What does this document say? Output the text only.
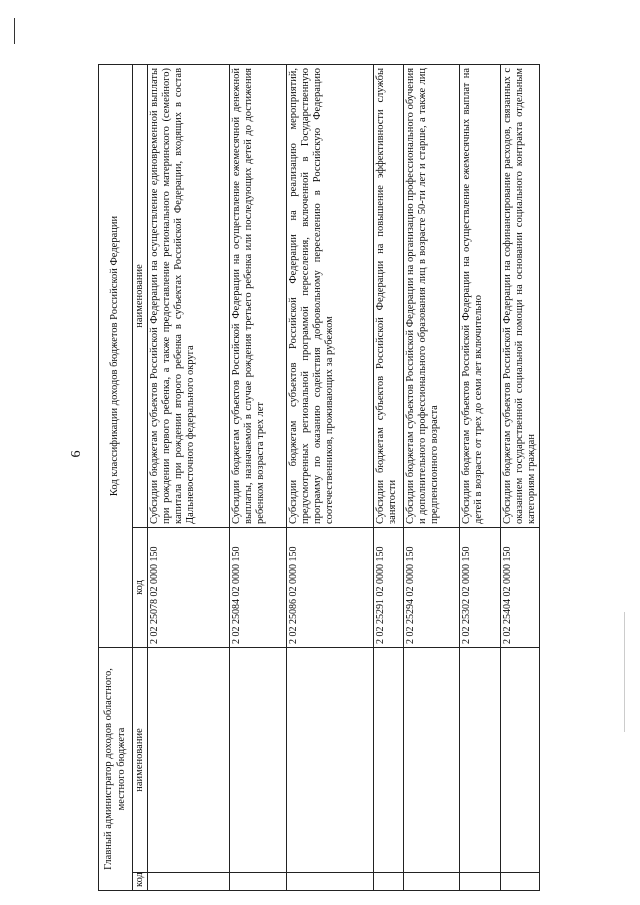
6
Главный администратор доходов областного, местного бюджета		Код классификации доходов бюджетов Российской Федерации	
код	наименование	код	наименование
		2 02 25078 02 0000 150	Субсидии бюджетам субъектов Российской Федерации на осуществление единовременной выплаты при рождении первого ребенка, а также предоставление регионального материнского (семейного) капитала при рождении второго ребенка в субъектах Российской Федерации, входящих в состав Дальневосточного федерального округа
		2 02 25084 02 0000 150	Субсидии бюджетам субъектов Российской Федерации на осуществление ежемесячной денежной выплаты, назначаемой в случае рождения третьего ребенка или последующих детей до достижения ребенком возраста трех лет
		2 02 25086 02 0000 150	Субсидии бюджетам субъектов Российской Федерации на реализацию мероприятий, предусмотренных региональной программой переселения, включенной в Государственную программу по оказанию содействия добровольному переселению в Российскую Федерацию соотечественников, проживающих за рубежом
		2 02 25291 02 0000 150	Субсидии бюджетам субъектов Российской Федерации на повышение эффективности службы занятости
		2 02 25294 02 0000 150	Субсидии бюджетам субъектов Российской Федерации на организацию профессионального обучения и дополнительного профессионального образования лиц в возрасте 50-ти лет и старше, а также лиц предпенсионного возраста
		2 02 25302 02 0000 150	Субсидии бюджетам субъектов Российской Федерации на осуществление ежемесячных выплат на детей в возрасте от трех до семи лет включительно
		2 02 25404 02 0000 150	Субсидии бюджетам субъектов Российской Федерации на софинансирование расходов, связанных с оказанием государственной социальной помощи на основании социального контракта отдельным категориям граждан
